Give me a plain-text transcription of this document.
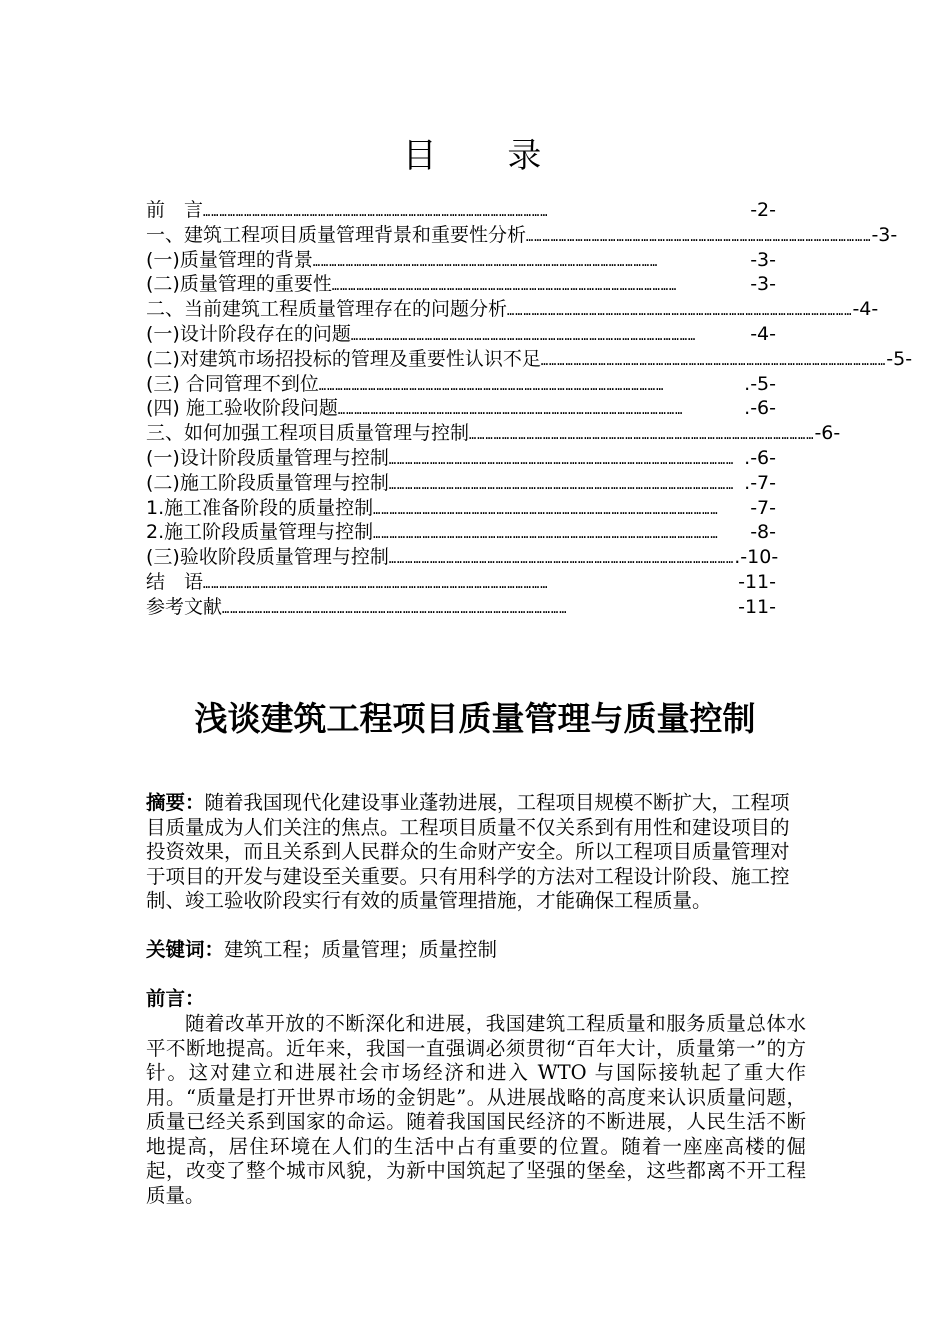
目 录
前　言 ………………………………………………………………………………………………………………	-2-
一、建筑工程项目质量管理背景和重要性分析 ……………………………………………………………………………………………………………… -3-
(一)质量管理的背景 ………………………………………………………………………………………………………………	-3-
(二)质量管理的重要性 ………………………………………………………………………………………………………………	-3-
二、当前建筑工程质量管理存在的问题分析 ……………………………………………………………………………………………………………… -4-
(一)设计阶段存在的问题 ………………………………………………………………………………………………………………	-4-
(二)对建筑市场招投标的管理及重要性认识不足 ……………………………………………………………………………………………………………… -5-
(三) 合同管理不到位 ………………………………………………………………………………………………………………	.-5-
(四) 施工验收阶段问题 ………………………………………………………………………………………………………………	.-6-
三、如何加强工程项目质量管理与控制 ……………………………………………………………………………………………………………… -6-
(一)设计阶段质量管理与控制 ……………………………………………………………………………………………………………… .-6-
(二)施工阶段质量管理与控制 ……………………………………………………………………………………………………………… .-7-
1.施工准备阶段的质量控制 ………………………………………………………………………………………………………………	-7-
2.施工阶段质量管理与控制 ………………………………………………………………………………………………………………	-8-
(三)验收阶段质量管理与控制 ……………………………………………………………………………………………………………… .-10-
结　语 ………………………………………………………………………………………………………………	-11-
参考文献 ………………………………………………………………………………………………………………	-11-
浅谈建筑工程项目质量管理与质量控制
摘要：随着我国现代化建设事业蓬勃进展，工程项目规模不断扩大，工程项目质量成为人们关注的焦点。工程项目质量不仅关系到有用性和建设项目的投资效果，而且关系到人民群众的生命财产安全。所以工程项目质量管理对于项目的开发与建设至关重要。只有用科学的方法对工程设计阶段、施工控制、竣工验收阶段实行有效的质量管理措施，才能确保工程质量。
关键词：建筑工程；质量管理；质量控制
前言：
随着改革开放的不断深化和进展，我国建筑工程质量和服务质量总体水平不断地提高。近年来，我国一直强调必须贯彻“百年大计，质量第一”的方针。这对建立和进展社会市场经济和进入 WTO 与国际接轨起了重大作用。“质量是打开世界市场的金钥匙”。从进展战略的高度来认识质量问题，质量已经关系到国家的命运。随着我国国民经济的不断进展，人民生活不断地提高，居住环境在人们的生活中占有重要的位置。随着一座座高楼的倔起，改变了整个城市风貌，为新中国筑起了坚强的堡垒，这些都离不开工程质量。
